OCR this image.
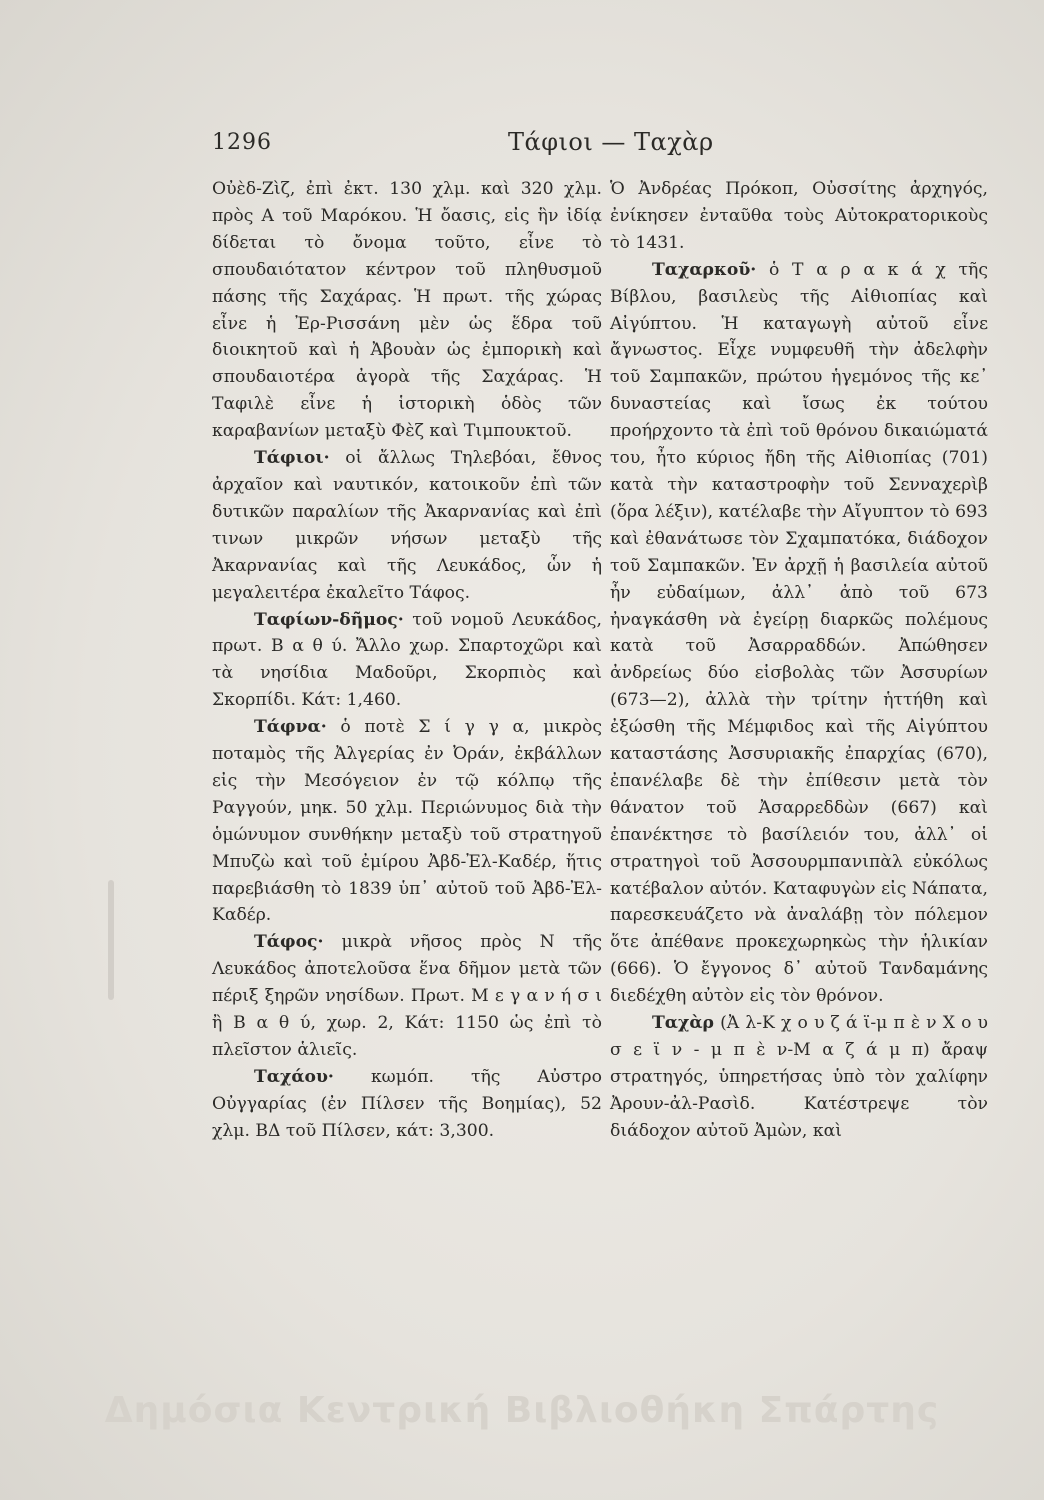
1296	Τάφιοι — Ταχὰρ

Οὐὲδ-Ζὶζ, ἐπὶ ἐκτ. 130 χλμ. καὶ 320 χλμ. πρὸς Α τοῦ Μαρόκου. Ἡ ὄασις, εἰς ἣν ἰδίᾳ δίδεται τὸ ὄνομα τοῦτο, εἶνε τὸ σπουδαιότατον κέντρον τοῦ πληθυσμοῦ πάσης τῆς Σαχάρας. Ἡ πρωτ. τῆς χώρας εἶνε ἡ Ἐρ-Ρισσάνη μὲν ὡς ἕδρα τοῦ διοικητοῦ καὶ ἡ Ἀβουὰν ὡς ἐμπορικὴ καὶ σπουδαιοτέρα ἀγορὰ τῆς Σαχάρας. Ἡ Ταφιλὲ εἶνε ἡ ἱστορικὴ ὁδὸς τῶν καραβανίων μεταξὺ Φὲζ καὶ Τιμπουκτοῦ.

Τάφιοι· οἱ ἄλλως Τηλεβόαι, ἔθνος ἀρχαῖον καὶ ναυτικόν, κατοικοῦν ἐπὶ τῶν δυτικῶν παραλίων τῆς Ἀκαρνανίας καὶ ἐπὶ τινων μικρῶν νήσων μεταξὺ τῆς Ἀκαρνανίας καὶ τῆς Λευκάδος, ὧν ἡ μεγαλειτέρα ἐκαλεῖτο Τάφος.

Ταφίων-δῆμος· τοῦ νομοῦ Λευκάδος, πρωτ. Β α θ ύ. Ἄλλο χωρ. Σπαρτοχῶρι καὶ τὰ νησίδια Μαδοῦρι, Σκορπιὸς καὶ Σκορπίδι. Κάτ: 1,460.

Τάφνα· ὁ ποτὲ Σ ί γ γ α, μικρὸς ποταμὸς τῆς Ἀλγερίας ἐν Ὀράν, ἐκβάλλων εἰς τὴν Μεσόγειον ἐν τῷ κόλπῳ τῆς Ραγγούν, μηκ. 50 χλμ. Περιώνυμος διὰ τὴν ὁμώνυμον συνθήκην μεταξὺ τοῦ στρατηγοῦ Μπυζὼ καὶ τοῦ ἐμίρου Ἀβδ-Ἐλ-Καδέρ, ἥτις παρεβιάσθη τὸ 1839 ὑπ᾽ αὐτοῦ τοῦ Ἀβδ-Ἐλ-Καδέρ.

Τάφος· μικρὰ νῆσος πρὸς Ν τῆς Λευκάδος ἀποτελοῦσα ἕνα δῆμον μετὰ τῶν πέριξ ξηρῶν νησίδων. Πρωτ. Μ ε γ α ν ή σ ι ἢ Β α θ ύ, χωρ. 2, Κάτ: 1150 ὡς ἐπὶ τὸ πλεῖστον ἁλιεῖς.

Ταχάου· κωμόπ. τῆς Αὐστρο Οὐγγαρίας (ἐν Πίλσεν τῆς Βοημίας), 52 χλμ. ΒΔ τοῦ Πίλσεν, κάτ: 3,300.

Ὁ Ἀνδρέας Πρόκοπ, Οὐσσίτης ἀρχηγός, ἐνίκησεν ἐνταῦθα τοὺς Αὐτοκρατορικοὺς τὸ 1431.

Ταχαρκοῦ· ὁ Τ α ρ α κ ά χ τῆς Βίβλου, βασιλεὺς τῆς Αἰθιοπίας καὶ Αἰγύπτου. Ἡ καταγωγὴ αὐτοῦ εἶνε ἄγνωστος. Εἶχε νυμφευθῆ τὴν ἀδελφὴν τοῦ Σαμπακῶν, πρώτου ἡγεμόνος τῆς κε᾽ δυναστείας καὶ ἴσως ἐκ τούτου προήρχοντο τὰ ἐπὶ τοῦ θρόνου δικαιώματά του, ἦτο κύριος ἤδη τῆς Αἰθιοπίας (701) κατὰ τὴν καταστροφὴν τοῦ Σενναχερὶβ (ὅρα λέξιν), κατέλαβε τὴν Αἴγυπτον τὸ 693 καὶ ἐθανάτωσε τὸν Σχαμπατόκα, διάδοχον τοῦ Σαμπακῶν. Ἐν ἀρχῇ ἡ βασιλεία αὐτοῦ ἦν εὐδαίμων, ἀλλ᾽ ἀπὸ τοῦ 673 ἠναγκάσθη νὰ ἐγείρῃ διαρκῶς πολέμους κατὰ τοῦ Ἀσαρραδδών. Ἀπώθησεν ἀνδρείως δύο εἰσβολὰς τῶν Ἀσσυρίων (673—2), ἀλλὰ τὴν τρίτην ἡττήθη καὶ ἐξώσθη τῆς Μέμφιδος καὶ τῆς Αἰγύπτου καταστάσης Ἀσσυριακῆς ἐπαρχίας (670), ἐπανέλαβε δὲ τὴν ἐπίθεσιν μετὰ τὸν θάνατον τοῦ Ἀσαρρεδδὼν (667) καὶ ἐπανέκτησε τὸ βασίλειόν του, ἀλλ᾽ οἱ στρατηγοὶ τοῦ Ἀσσουρμπανιπὰλ εὐκόλως κατέβαλον αὐτόν. Καταφυγὼν εἰς Νάπατα, παρεσκευάζετο νὰ ἀναλάβῃ τὸν πόλεμον ὅτε ἀπέθανε προκεχωρηκὼς τὴν ἡλικίαν (666). Ὁ ἔγγονος δ᾽ αὐτοῦ Τανδαμάνης διεδέχθη αὐτὸν εἰς τὸν θρόνον.

Ταχὰρ (Ἀ λ-Κ χ ο υ ζ ά ϊ-μ π ὲ ν Χ ο υ σ ε ϊ ν - μ π ὲ ν-Μ α ζ ά μ π) ἄραψ στρατηγός, ὑπηρετήσας ὑπὸ τὸν χαλίφην Ἀρουν-ἀλ-Ρασὶδ. Κατέστρεψε τὸν διάδοχον αὐτοῦ Ἀμὼν, καὶ

Δημόσια Κεντρική Βιβλιοθήκη Σπάρτης
